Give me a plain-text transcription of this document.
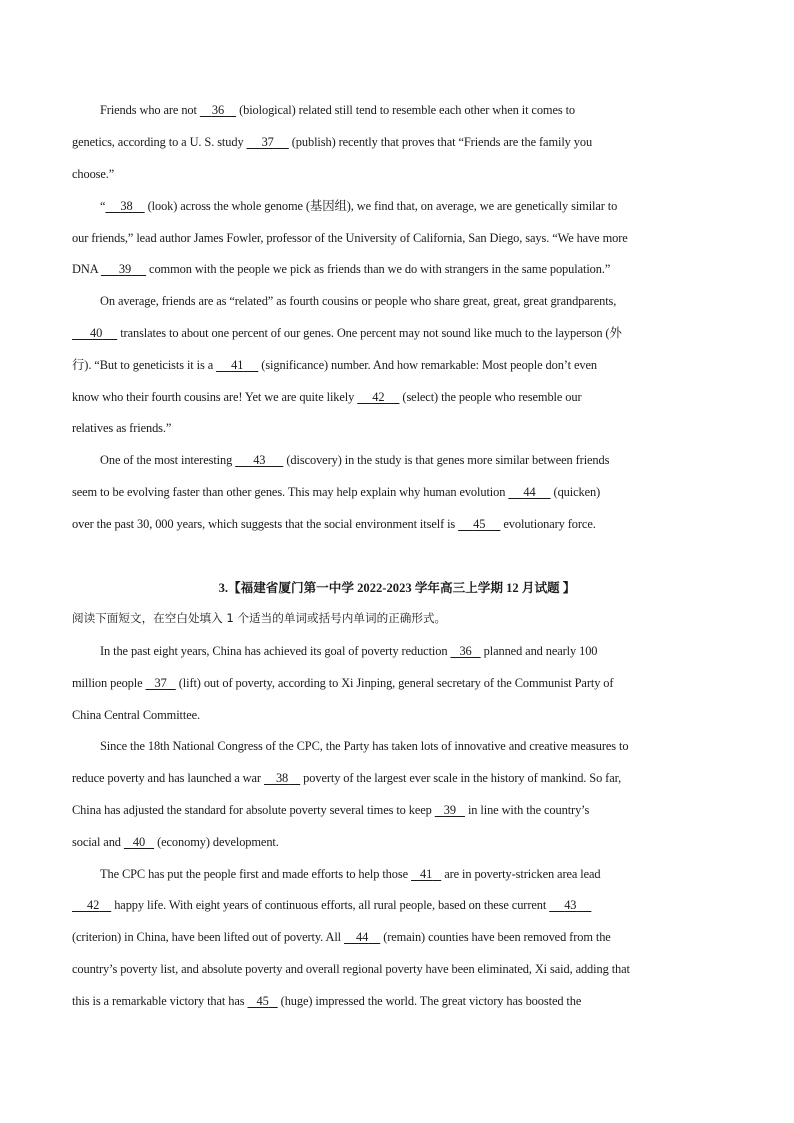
Friends who are not     36     (biological) related still tend to resemble each other when it comes to
genetics, according to a U. S. study      37      (publish) recently that proves that “Friends are the family you
choose.”
“ 38     (look) across the whole genome (基因组), we find that, on average, we are genetically similar to
our friends,” lead author James Fowler, professor of the University of California, San Diego, says. “We have more
DNA       39      common with the people we pick as friends than we do with strangers in the same population.”
On average, friends are as “related” as fourth cousins or people who share great, great, great grandparents,
40      translates to about one percent of our genes. One percent may not sound like much to the layperson (外
行). “But to geneticists it is a      41      (significance) number. And how remarkable: Most people don’t even
know who their fourth cousins are! Yet we are quite likely      42      (select) the people who resemble our
relatives as friends.”
One of the most interesting       43       (discovery) in the study is that genes more similar between friends
seem to be evolving faster than other genes. This may help explain why human evolution      44      (quicken)
over the past 30, 000 years, which suggests that the social environment itself is      45      evolutionary force.
3.【福建省厦门第一中学 2022-2023 学年高三上学期 12 月试题 】
阅读下面短文，在空白处填入 1 个适当的单词或括号内单词的正确形式。
In the past eight years, China has achieved its goal of poverty reduction    36    planned and nearly 100
million people    37    (lift) out of poverty, according to Xi Jinping, general secretary of the Communist Party of
China Central Committee.
Since the 18th National Congress of the CPC, the Party has taken lots of innovative and creative measures to
reduce poverty and has launched a war     38     poverty of the largest ever scale in the history of mankind. So far,
China has adjusted the standard for absolute poverty several times to keep    39    in line with the country’s
social and    40    (economy) development.
The CPC has put the people first and made efforts to help those    41    are in poverty-stricken area lead
42     happy life. With eight years of continuous efforts, all rural people, based on these current      43
(criterion) in China, have been lifted out of poverty. All     44     (remain) counties have been removed from the
country’s poverty list, and absolute poverty and overall regional poverty have been eliminated, Xi said, adding that
this is a remarkable victory that has    45    (huge) impressed the world. The great victory has boosted the
